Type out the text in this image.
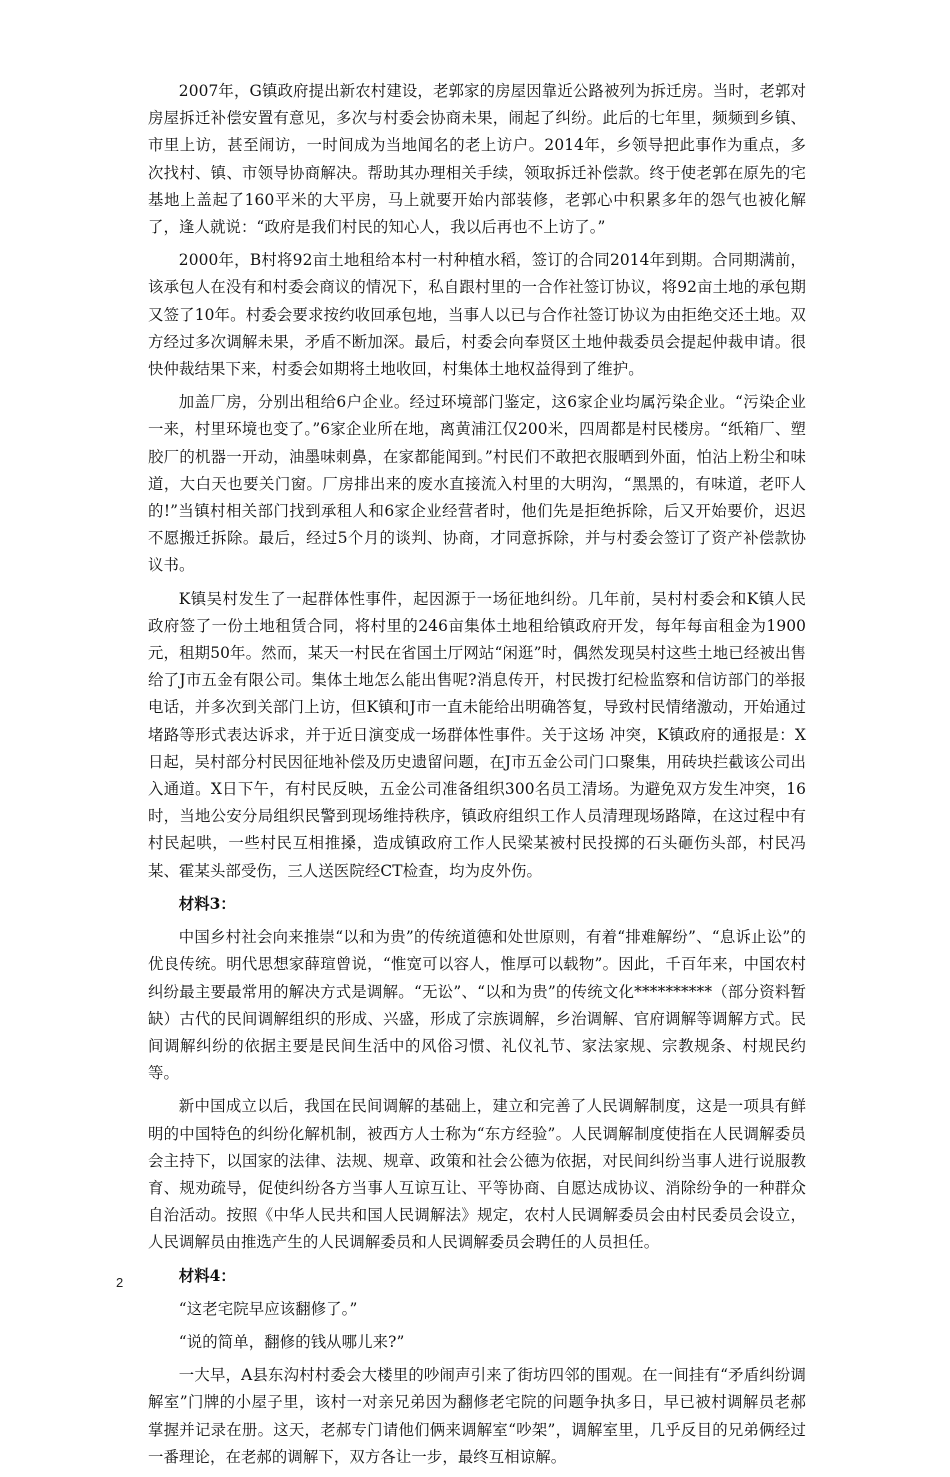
2007年，G镇政府提出新农村建设，老郭家的房屋因靠近公路被列为拆迁房。当时，老郭对房屋拆迁补偿安置有意见，多次与村委会协商未果，闹起了纠纷。此后的七年里，频频到乡镇、市里上访，甚至闹访，一时间成为当地闻名的老上访户。2014年，乡领导把此事作为重点，多次找村、镇、市领导协商解决。帮助其办理相关手续，领取拆迁补偿款。终于使老郭在原先的宅基地上盖起了160平米的大平房，马上就要开始内部装修，老郭心中积累多年的怨气也被化解了，逢人就说：“政府是我们村民的知心人，我以后再也不上访了。”

2000年，B村将92亩土地租给本村一村种植水稻，签订的合同2014年到期。合同期满前，该承包人在没有和村委会商议的情况下，私自跟村里的一合作社签订协议，将92亩土地的承包期又签了10年。村委会要求按约收回承包地，当事人以已与合作社签订协议为由拒绝交还土地。双方经过多次调解未果，矛盾不断加深。最后，村委会向奉贤区土地仲裁委员会提起仲裁申请。很快仲裁结果下来，村委会如期将土地收回，村集体土地权益得到了维护。

加盖厂房，分别出租给6户企业。经过环境部门鉴定，这6家企业均属污染企业。“污染企业一来，村里环境也变了。”6家企业所在地，离黄浦江仅200米，四周都是村民楼房。“纸箱厂、塑胶厂的机器一开动，油墨味刺鼻，在家都能闻到。”村民们不敢把衣服晒到外面，怕沾上粉尘和味道，大白天也要关门窗。厂房排出来的废水直接流入村里的大明沟，“黑黑的，有味道，老吓人的!”当镇村相关部门找到承租人和6家企业经营者时，他们先是拒绝拆除，后又开始要价，迟迟不愿搬迁拆除。最后，经过5个月的谈判、协商，才同意拆除，并与村委会签订了资产补偿款协议书。

K镇吴村发生了一起群体性事件，起因源于一场征地纠纷。几年前，吴村村委会和K镇人民政府签了一份土地租赁合同，将村里的246亩集体土地租给镇政府开发，每年每亩租金为1900元，租期50年。然而，某天一村民在省国土厅网站“闲逛”时，偶然发现吴村这些土地已经被出售给了J市五金有限公司。集体土地怎么能出售呢?消息传开，村民拨打纪检监察和信访部门的举报电话，并多次到关部门上访，但K镇和J市一直未能给出明确答复，导致村民情绪激动，开始通过堵路等形式表达诉求，并于近日演变成一场群体性事件。关于这场 冲突，K镇政府的通报是：X日起，吴村部分村民因征地补偿及历史遗留问题，在J市五金公司门口聚集，用砖块拦截该公司出入通道。X日下午，有村民反映，五金公司准备组织300名员工清场。为避免双方发生冲突，16时，当地公安分局组织民警到现场维持秩序，镇政府组织工作人员清理现场路障，在这过程中有村民起哄，一些村民互相推搡，造成镇政府工作人民梁某被村民投掷的石头砸伤头部，村民冯某、霍某头部受伤，三人送医院经CT检查，均为皮外伤。

材料3：

中国乡村社会向来推崇“以和为贵”的传统道德和处世原则，有着“排难解纷”、“息诉止讼”的优良传统。明代思想家薛瑄曾说，“惟宽可以容人，惟厚可以载物”。因此，千百年来，中国农村纠纷最主要最常用的解决方式是调解。“无讼”、“以和为贵”的传统文化**********（部分资料暂缺）古代的民间调解组织的形成、兴盛，形成了宗族调解，乡治调解、官府调解等调解方式。民间调解纠纷的依据主要是民间生活中的风俗习惯、礼仪礼节、家法家规、宗教规条、村规民约等。

新中国成立以后，我国在民间调解的基础上，建立和完善了人民调解制度，这是一项具有鲜明的中国特色的纠纷化解机制，被西方人士称为“东方经验”。人民调解制度使指在人民调解委员会主持下，以国家的法律、法规、规章、政策和社会公德为依据，对民间纠纷当事人进行说服教育、规劝疏导，促使纠纷各方当事人互谅互让、平等协商、自愿达成协议、消除纷争的一种群众 自治活动。按照《中华人民共和国人民调解法》规定，农村人民调解委员会由村民委员会设立，人民调解员由推选产生的人民调解委员和人民调解委员会聘任的人员担任。

材料4：

“这老宅院早应该翻修了。”

“说的简单，翻修的钱从哪儿来?”

一大早，A县东沟村村委会大楼里的吵闹声引来了街坊四邻的围观。在一间挂有“矛盾纠纷调解室”门牌的小屋子里，该村一对亲兄弟因为翻修老宅院的问题争执多日，早已被村调解员老郝掌握并记录在册。这天，老郝专门请他们俩来调解室“吵架”，调解室里，几乎反目的兄弟俩经过一番理论，在老郝的调解下，双方各让一步，最终互相谅解。

2
